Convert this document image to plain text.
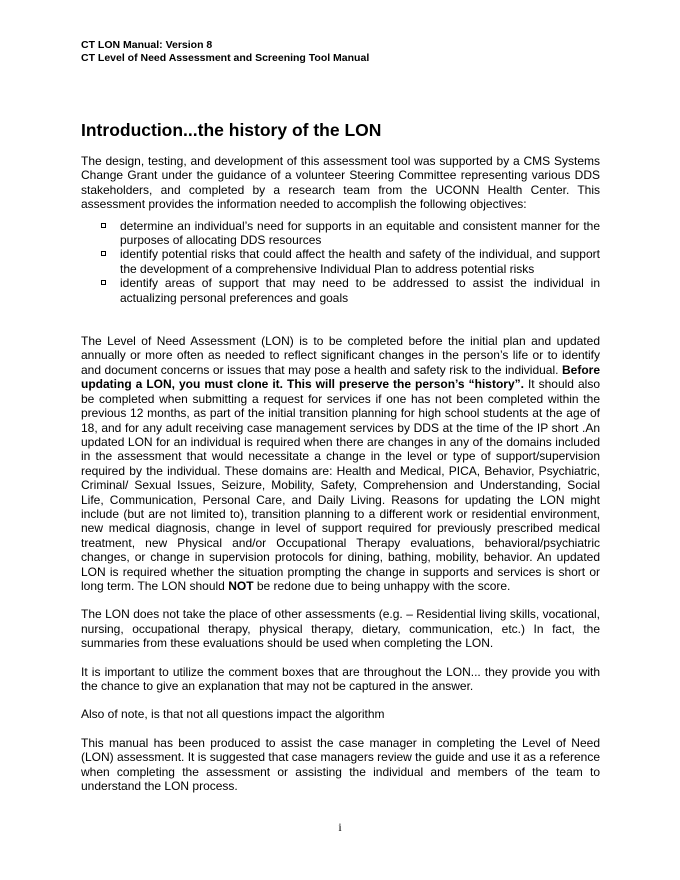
CT LON Manual: Version 8
CT Level of Need Assessment and Screening Tool Manual
Introduction...the history of the LON

The design, testing, and development of this assessment tool was supported by a CMS Systems Change Grant under the guidance of a volunteer Steering Committee representing various DDS stakeholders, and completed by a research team from the UCONN Health Center. This assessment provides the information needed to accomplish the following objectives:

determine an individual’s need for supports in an equitable and consistent manner for the purposes of allocating DDS resources
identify potential risks that could affect the health and safety of the individual, and support the development of a comprehensive Individual Plan to address potential risks
identify areas of support that may need to be addressed to assist the individual in actualizing personal preferences and goals

The Level of Need Assessment (LON) is to be completed before the initial plan and updated annually or more often as needed to reflect significant changes in the person’s life or to identify and document concerns or issues that may pose a health and safety risk to the individual. Before updating a LON, you must clone it. This will preserve the person’s “history”. It should also be completed when submitting a request for services if one has not been completed within the previous 12 months, as part of the initial transition planning for high school students at the age of 18, and for any adult receiving case management services by DDS at the time of the IP short .An updated LON for an individual is required when there are changes in any of the domains included in the assessment that would necessitate a change in the level or type of support/supervision required by the individual. These domains are: Health and Medical, PICA, Behavior, Psychiatric, Criminal/ Sexual Issues, Seizure, Mobility, Safety, Comprehension and Understanding, Social Life, Communication, Personal Care, and Daily Living. Reasons for updating the LON might include (but are not limited to), transition planning to a different work or residential environment, new medical diagnosis, change in level of support required for previously prescribed medical treatment, new Physical and/or Occupational Therapy evaluations, behavioral/psychiatric changes, or change in supervision protocols for dining, bathing, mobility, behavior. An updated LON is required whether the situation prompting the change in supports and services is short or long term. The LON should NOT be redone due to being unhappy with the score.

The LON does not take the place of other assessments (e.g. – Residential living skills, vocational, nursing, occupational therapy, physical therapy, dietary, communication, etc.) In fact, the summaries from these evaluations should be used when completing the LON.

It is important to utilize the comment boxes that are throughout the LON... they provide you with the chance to give an explanation that may not be captured in the answer.

Also of note, is that not all questions impact the algorithm

This manual has been produced to assist the case manager in completing the Level of Need (LON) assessment. It is suggested that case managers review the guide and use it as a reference when completing the assessment or assisting the individual and members of the team to understand the LON process.

i
